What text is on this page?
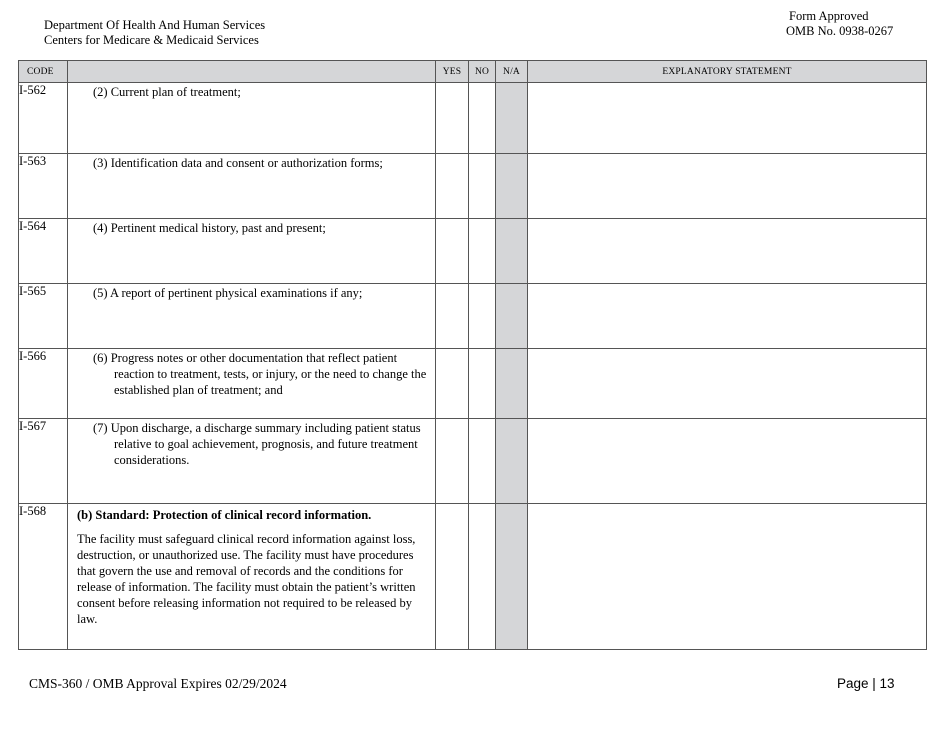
Department Of Health And Human Services
Centers for Medicare & Medicaid Services
Form Approved
OMB No. 0938-0267
CODE		YES	NO	N/A	EXPLANATORY STATEMENT
I-562	(2) Current plan of treatment;				

I-563	(3) Identification data and consent or authorization forms;				

I-564	(4) Pertinent medical history, past and present;				

I-565	(5) A report of pertinent physical examinations if any;				

I-566	(6) Progress notes or other documentation that reflect patient reaction to treatment, tests, or injury, or the need to change the established plan of treatment; and				

I-567	(7) Upon discharge, a discharge summary including patient status relative to goal achievement, prognosis, and future treatment considerations.				

I-568	(b) Standard: Protection of clinical record information.
The facility must safeguard clinical record information against loss, destruction, or unauthorized use. The facility must have procedures that govern the use and removal of records and the conditions for release of information. The facility must obtain the patient’s written consent before releasing information not required to be released by law.				

CMS-360 / OMB Approval Expires 02/29/2024	Page | 13
